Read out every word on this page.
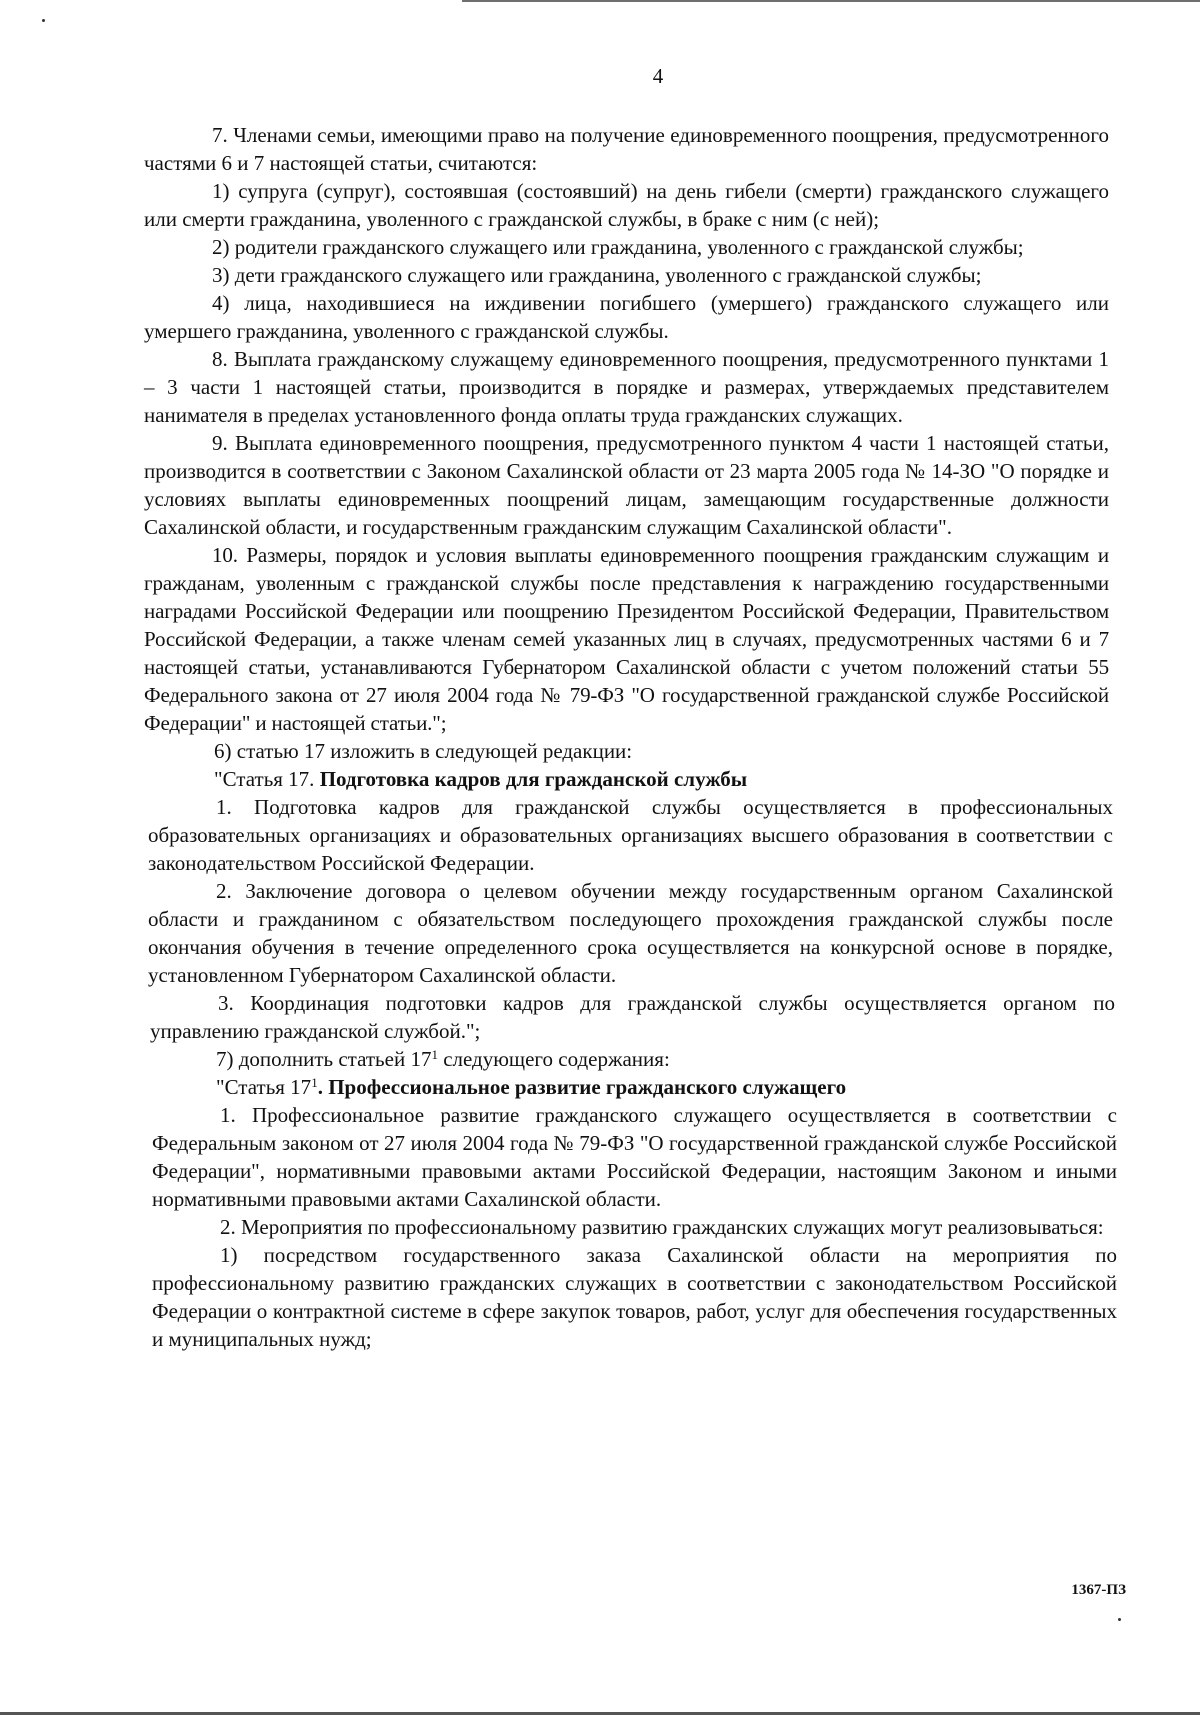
4

7. Членами семьи, имеющими право на получение единовременного поощрения, предусмотренного частями 6 и 7 настоящей статьи, считаются:

1) супруга (супруг), состоявшая (состоявший) на день гибели (смерти) гражданского служащего или смерти гражданина, уволенного с гражданской службы, в браке с ним (с ней);

2) родители гражданского служащего или гражданина, уволенного с гражданской службы;

3) дети гражданского служащего или гражданина, уволенного с гражданской службы;

4) лица, находившиеся на иждивении погибшего (умершего) гражданского служащего или умершего гражданина, уволенного с гражданской службы.

8. Выплата гражданскому служащему единовременного поощрения, предусмотренного пунктами 1 – 3 части 1 настоящей статьи, производится в порядке и размерах, утверждаемых представителем нанимателя в пределах установленного фонда оплаты труда гражданских служащих.

9. Выплата единовременного поощрения, предусмотренного пунктом 4 части 1 настоящей статьи, производится в соответствии с Законом Сахалинской области от 23 марта 2005 года № 14-ЗО "О порядке и условиях выплаты единовременных поощрений лицам, замещающим государственные должности Сахалинской области, и государственным гражданским служащим Сахалинской области".

10. Размеры, порядок и условия выплаты единовременного поощрения гражданским служащим и гражданам, уволенным с гражданской службы после представления к награждению государственными наградами Российской Федерации или поощрению Президентом Российской Федерации, Правительством Российской Федерации, а также членам семей указанных лиц в случаях, предусмотренных частями 6 и 7 настоящей статьи, устанавливаются Губернатором Сахалинской области с учетом положений статьи 55 Федерального закона от 27 июля 2004 года № 79-ФЗ "О государственной гражданской службе Российской Федерации" и настоящей статьи.";

6) статью 17 изложить в следующей редакции:

"Статья 17. Подготовка кадров для гражданской службы

1. Подготовка кадров для гражданской службы осуществляется в профессиональных образовательных организациях и образовательных организациях высшего образования в соответствии с законодательством Российской Федерации.

2. Заключение договора о целевом обучении между государственным органом Сахалинской области и гражданином с обязательством последующего прохождения гражданской службы после окончания обучения в течение определенного срока осуществляется на конкурсной основе в порядке, установленном Губернатором Сахалинской области.

3. Координация подготовки кадров для гражданской службы осуществляется органом по управлению гражданской службой.";

7) дополнить статьей $17^1$ следующего содержания:

"Статья $17^1$. Профессиональное развитие гражданского служащего

1. Профессиональное развитие гражданского служащего осуществляется в соответствии с Федеральным законом от 27 июля 2004 года № 79-ФЗ "О государственной гражданской службе Российской Федерации", нормативными правовыми актами Российской Федерации, настоящим Законом и иными нормативными правовыми актами Сахалинской области.

2. Мероприятия по профессиональному развитию гражданских служащих могут реализовываться:

1) посредством государственного заказа Сахалинской области на мероприятия по профессиональному развитию гражданских служащих в соответствии с законодательством Российской Федерации о контрактной системе в сфере закупок товаров, работ, услуг для обеспечения государственных и муниципальных нужд;

1367-ПЗ
